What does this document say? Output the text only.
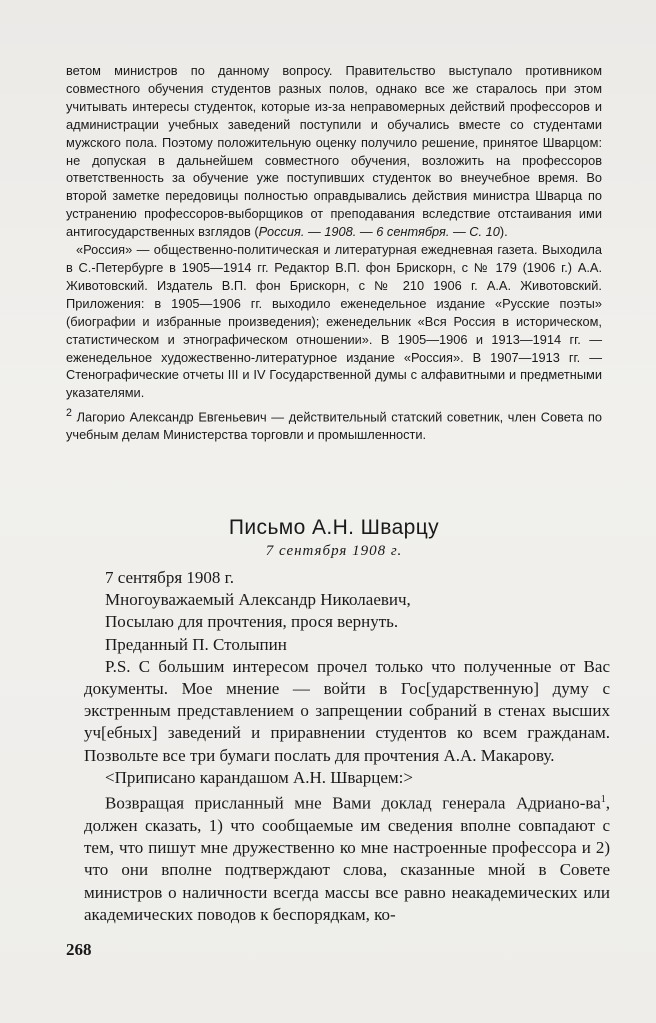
ветом министров по данному вопросу. Правительство выступало противником совместного обучения студентов разных полов, однако все же старалось при этом учитывать интересы студенток, которые из-за неправомерных действий профессоров и администрации учебных заведений поступили и обучались вместе со студентами мужского пола. Поэтому положительную оценку получило решение, принятое Шварцом: не допуская в дальнейшем совместного обучения, возложить на профессоров ответственность за обучение уже поступивших студенток во внеучебное время. Во второй заметке передовицы полностью оправдывались действия министра Шварца по устранению профессоров-выборщиков от преподавания вследствие отстаивания ими антигосударственных взглядов (Россия. — 1908. — 6 сентября. — С. 10).

«Россия» — общественно-политическая и литературная ежедневная газета. Выходила в С.-Петербурге в 1905—1914 гг. Редактор В.П. фон Брискорн, с № 179 (1906 г.) А.А. Животовский. Издатель В.П. фон Брискорн, с № 210 1906 г. А.А. Животовский. Приложения: в 1905—1906 гг. выходило еженедельное издание «Русские поэты» (биографии и избранные произведения); еженедельник «Вся Россия в историческом, статистическом и этнографическом отношении». В 1905—1906 и 1913—1914 гг. — еженедельное художественно-литературное издание «Россия». В 1907—1913 гг. — Стенографические отчеты III и IV Государственной думы с алфавитными и предметными указателями.

$^2$ Лагорио Александр Евгеньевич — действительный статский советник, член Совета по учебным делам Министерства торговли и промышленности.

Письмо А.Н. Шварцу
7 сентября 1908 г.
7 сентября 1908 г.
Многоуважаемый Александр Николаевич,
Посылаю для прочтения, прося вернуть.
Преданный П. Столыпин

P.S. С большим интересом прочел только что полученные от Вас документы. Мое мнение — войти в Гос[ударственную] думу с экстренным представлением о запрещении собраний в стенах высших уч[ебных] заведений и приравнении студентов ко всем гражданам. Позвольте все три бумаги послать для прочтения А.А. Макарову.

<Приписано карандашом А.Н. Шварцем:>

Возвращая присланный мне Вами доклад генерала Адриано-$ва^1$, должен сказать, 1) что сообщаемые им сведения вполне совпадают с тем, что пишут мне дружественно ко мне настроенные профессора и 2) что они вполне подтверждают слова, сказанные мной в Совете министров о наличности всегда массы все равно неакадемических или академических поводов к беспорядкам, ко-

268
